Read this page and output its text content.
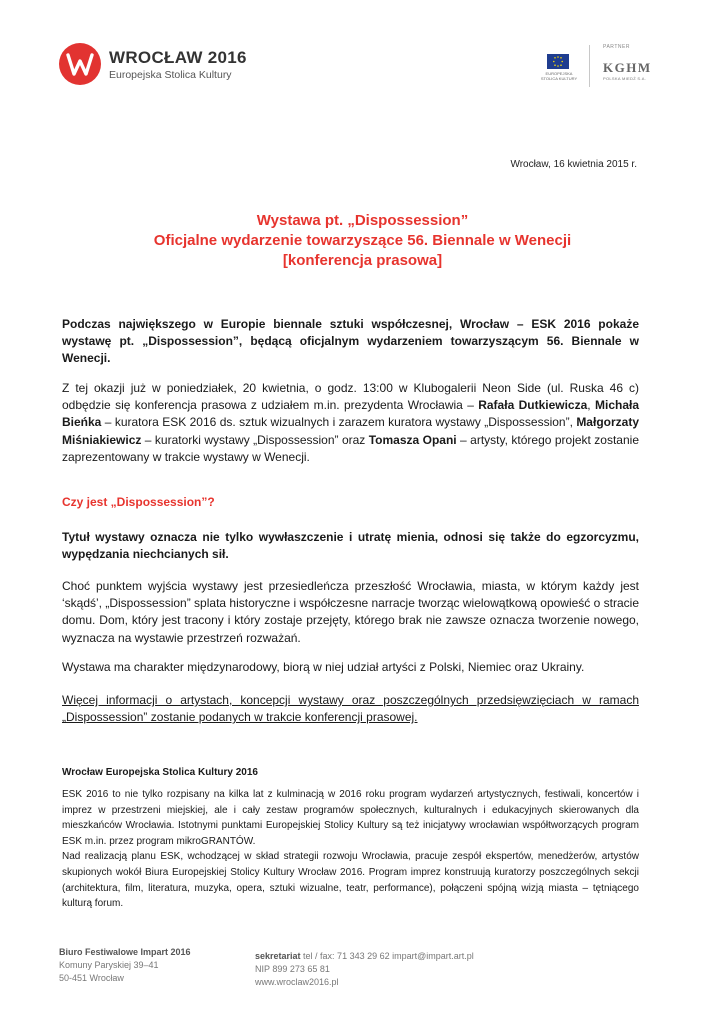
WROCŁAW 2016
Europejska Stolica Kultury	EUROPEJSKA STOLICA KULTURY
PARTNER
KGHM
POLSKA MIEDŹ S.A.
Wrocław, 16 kwietnia 2015 r.
Wystawa pt. „Dispossession”
Oficjalne wydarzenie towarzyszące 56. Biennale w Wenecji
[konferencja prasowa]
Podczas największego w Europie biennale sztuki współczesnej, Wrocław – ESK 2016 pokaże wystawę pt. „Dispossession”, będącą oficjalnym wydarzeniem towarzyszącym 56. Biennale w Wenecji.
Z tej okazji już w poniedziałek, 20 kwietnia, o godz. 13:00 w Klubogalerii Neon Side (ul. Ruska 46 c) odbędzie się konferencja prasowa z udziałem m.in. prezydenta Wrocławia – Rafała Dutkiewicza, Michała Bieńka – kuratora ESK 2016 ds. sztuk wizualnych i zarazem kuratora wystawy „Dispossession”, Małgorzaty Miśniakiewicz – kuratorki wystawy „Dispossession” oraz Tomasza Opani – artysty, którego projekt zostanie zaprezentowany w trakcie wystawy w Wenecji.
Czy jest „Dispossession”?
Tytuł wystawy oznacza nie tylko wywłaszczenie i utratę mienia, odnosi się także do egzorcyzmu, wypędzania niechcianych sił.
Choć punktem wyjścia wystawy jest przesiedleńcza przeszłość Wrocławia, miasta, w którym każdy jest ‘skądś’, „Dispossession” splata historyczne i współczesne narracje tworząc wielowątkową opowieść o stracie domu. Dom, który jest tracony i który zostaje przejęty, którego brak nie zawsze oznacza tworzenie nowego, wyznacza na wystawie przestrzeń rozważań.
Wystawa ma charakter międzynarodowy, biorą w niej udział artyści z Polski, Niemiec oraz Ukrainy.
Więcej informacji o artystach, koncepcji wystawy oraz poszczególnych przedsięwzięciach w ramach „Dispossession” zostanie podanych w trakcie konferencji prasowej.
Wrocław Europejska Stolica Kultury 2016

ESK 2016 to nie tylko rozpisany na kilka lat z kulminacją w 2016 roku program wydarzeń artystycznych, festiwali, koncertów i imprez w przestrzeni miejskiej, ale i cały zestaw programów społecznych, kulturalnych i edukacyjnych skierowanych dla mieszkańców Wrocławia. Istotnymi punktami Europejskiej Stolicy Kultury są też inicjatywy wrocławian współtworzących program ESK m.in. przez program mikroGRANTÓW.

Nad realizacją planu ESK, wchodzącej w skład strategii rozwoju Wrocławia, pracuje zespół ekspertów, menedżerów, artystów skupionych wokół Biura Europejskiej Stolicy Kultury Wrocław 2016. Program imprez konstruują kuratorzy poszczególnych sekcji (architektura, film, literatura, muzyka, opera, sztuki wizualne, teatr, performance), połączeni spójną wizją miasta – tętniącego kulturą forum.

Biuro Festiwalowe Impart 2016
Komuny Paryskiej 39–41
50-451 Wrocław
sekretariat tel / fax: 71 343 29 62 impart@impart.art.pl
NIP 899 273 65 81
www.wroclaw2016.pl
